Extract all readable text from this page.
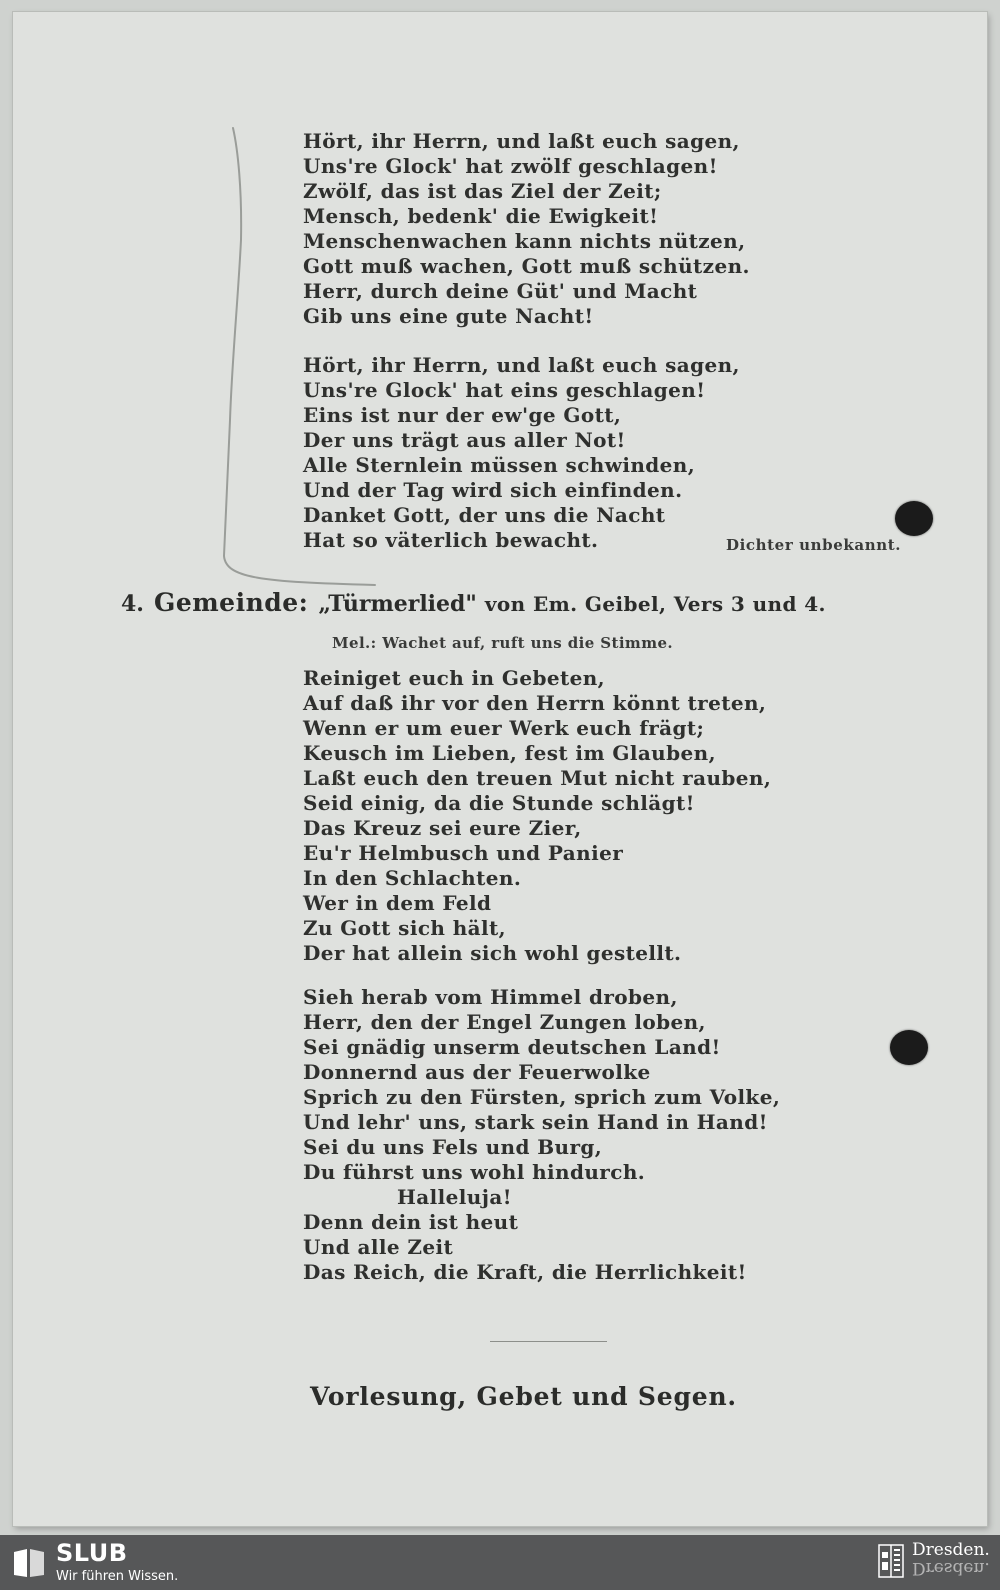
Hört, ihr Herrn, und laßt euch sagen,
Uns're Glock' hat zwölf geschlagen!
Zwölf, das ist das Ziel der Zeit;
Mensch, bedenk' die Ewigkeit!
Menschenwachen kann nichts nützen,
Gott muß wachen, Gott muß schützen.
Herr, durch deine Güt' und Macht
Gib uns eine gute Nacht!
Hört, ihr Herrn, und laßt euch sagen,
Uns're Glock' hat eins geschlagen!
Eins ist nur der ew'ge Gott,
Der uns trägt aus aller Not!
Alle Sternlein müssen schwinden,
Und der Tag wird sich einfinden.
Danket Gott, der uns die Nacht
Hat so väterlich bewacht.	Dichter unbekannt.
4. Gemeinde: „Türmerlied" von Em. Geibel, Vers 3 und 4.
Mel.: Wachet auf, ruft uns die Stimme.
Reiniget euch in Gebeten,
Auf daß ihr vor den Herrn könnt treten,
Wenn er um euer Werk euch frägt;
Keusch im Lieben, fest im Glauben,
Laßt euch den treuen Mut nicht rauben,
Seid einig, da die Stunde schlägt!
Das Kreuz sei eure Zier,
Eu'r Helmbusch und Panier
In den Schlachten.
Wer in dem Feld
Zu Gott sich hält,
Der hat allein sich wohl gestellt.
Sieh herab vom Himmel droben,
Herr, den der Engel Zungen loben,
Sei gnädig unserm deutschen Land!
Donnernd aus der Feuerwolke
Sprich zu den Fürsten, sprich zum Volke,
Und lehr' uns, stark sein Hand in Hand!
Sei du uns Fels und Burg,
Du führst uns wohl hindurch.
Halleluja!
Denn dein ist heut
Und alle Zeit
Das Reich, die Kraft, die Herrlichkeit!
Vorlesung, Gebet und Segen.
SLUB
Wir führen Wissen.
Dresden.
Dresden.
